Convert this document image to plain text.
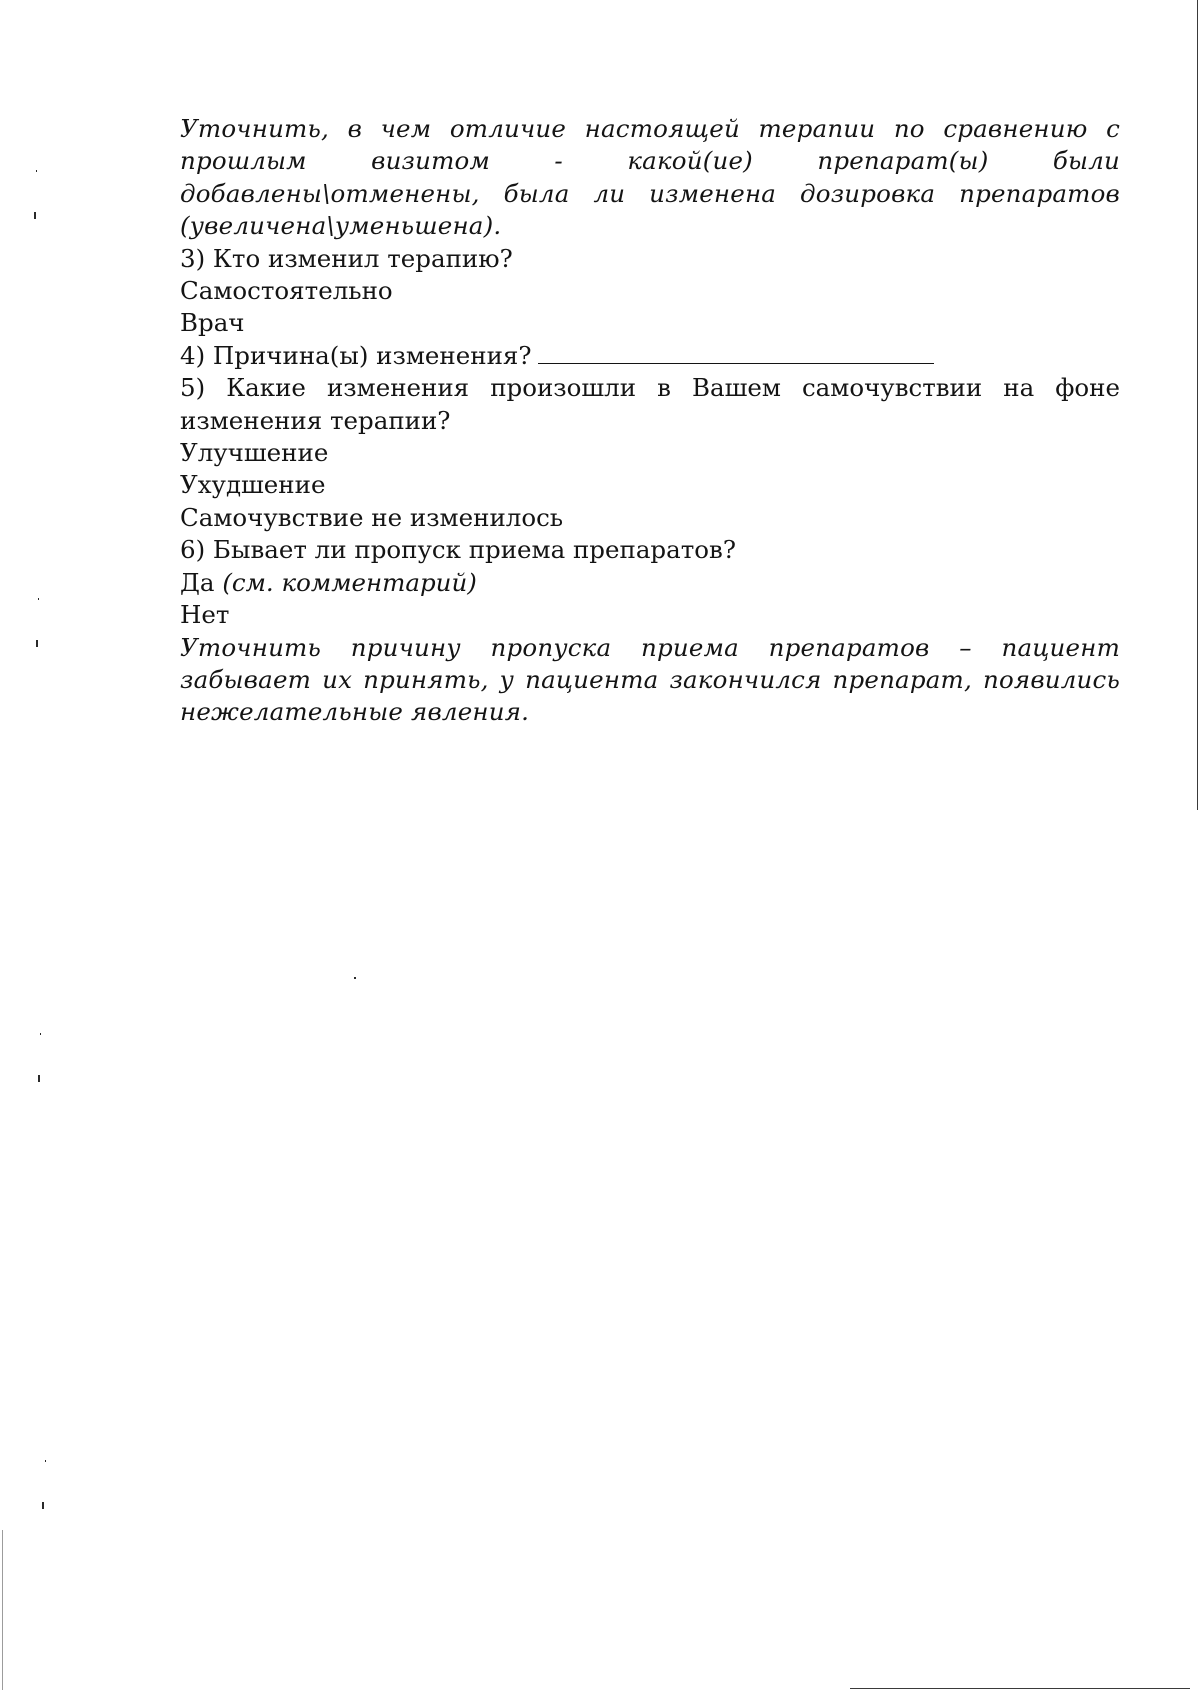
Уточнить, в чем отличие настоящей терапии по сравнению с прошлым визитом - какой(ие) препарат(ы) были добавлены\отменены, была ли изменена дозировка препаратов (увеличена\уменьшена).
3) Кто изменил терапию?
Самостоятельно
Врач
4) Причина(ы) изменения?
5) Какие изменения произошли в Вашем самочувствии на фоне изменения терапии?
Улучшение
Ухудшение
Самочувствие не изменилось
6) Бывает ли пропуск приема препаратов?
Да (см. комментарий)
Нет
Уточнить причину пропуска приема препаратов – пациент забывает их принять, у пациента закончился препарат, появились нежелательные явления.
